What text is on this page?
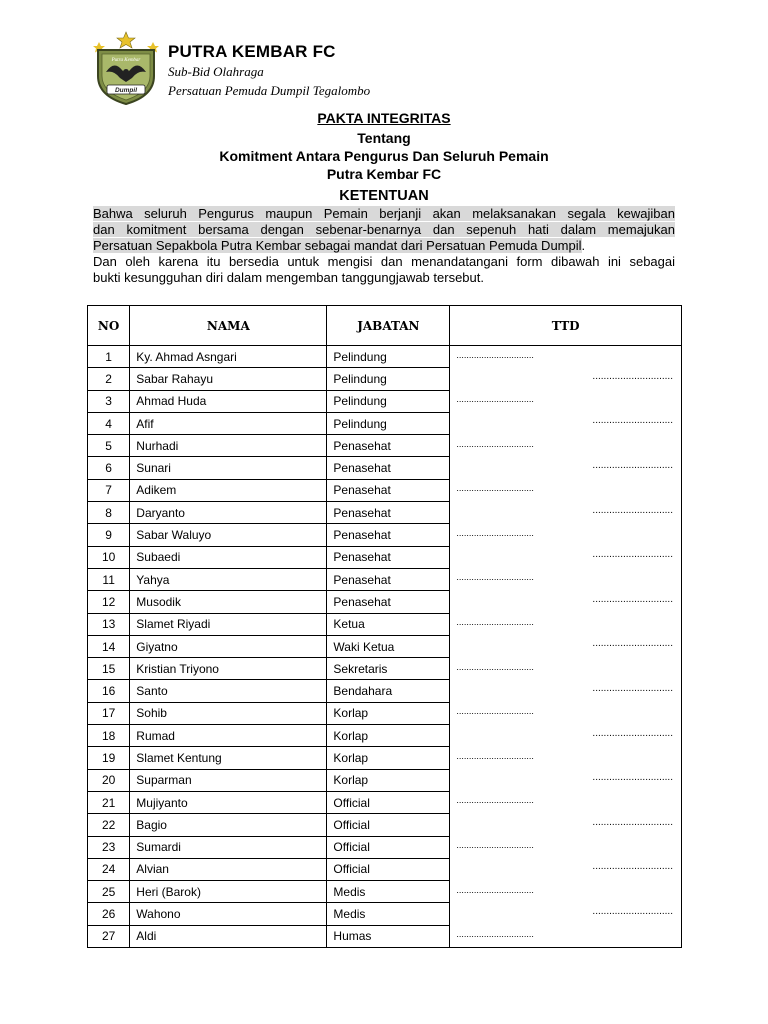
Putra Kembar
Dumpil
PUTRA KEMBAR FC
Sub-Bid Olahraga
Persatuan Pemuda Dumpil Tegalombo
PAKTA INTEGRITAS
Tentang
Komitment Antara Pengurus Dan Seluruh Pemain
Putra Kembar FC
KETENTUAN
Bahwa seluruh Pengurus maupun Pemain berjanji akan melaksanakan segala kewajiban
dan komitment bersama dengan sebenar-benarnya dan sepenuh hati dalam memajukan
Persatuan Sepakbola Putra Kembar sebagai mandat dari Persatuan Pemuda Dumpil.
Dan oleh karena itu bersedia untuk mengisi dan menandatangani form dibawah ini sebagai
bukti kesungguhan diri dalam mengemban tanggungjawab tersebut.
NO	NAMA	JABATAN	TTD
1	Ky. Ahmad Asngari	Pelindung	...............................

2	Sabar Rahayu	Pelindung	.............................

3	Ahmad Huda	Pelindung	...............................

4	Afif	Pelindung	.............................

5	Nurhadi	Penasehat	...............................

6	Sunari	Penasehat	.............................

7	Adikem	Penasehat	...............................

8	Daryanto	Penasehat	.............................

9	Sabar Waluyo	Penasehat	...............................

10	Subaedi	Penasehat	.............................

11	Yahya	Penasehat	...............................

12	Musodik	Penasehat	.............................

13	Slamet Riyadi	Ketua	...............................

14	Giyatno	Waki Ketua	.............................

15	Kristian Triyono	Sekretaris	...............................

16	Santo	Bendahara	.............................

17	Sohib	Korlap	...............................

18	Rumad	Korlap	.............................

19	Slamet Kentung	Korlap	...............................

20	Suparman	Korlap	.............................

21	Mujiyanto	Official	...............................

22	Bagio	Official	.............................

23	Sumardi	Official	...............................

24	Alvian	Official	.............................

25	Heri (Barok)	Medis	...............................

26	Wahono	Medis	.............................

27	Aldi	Humas	...............................
